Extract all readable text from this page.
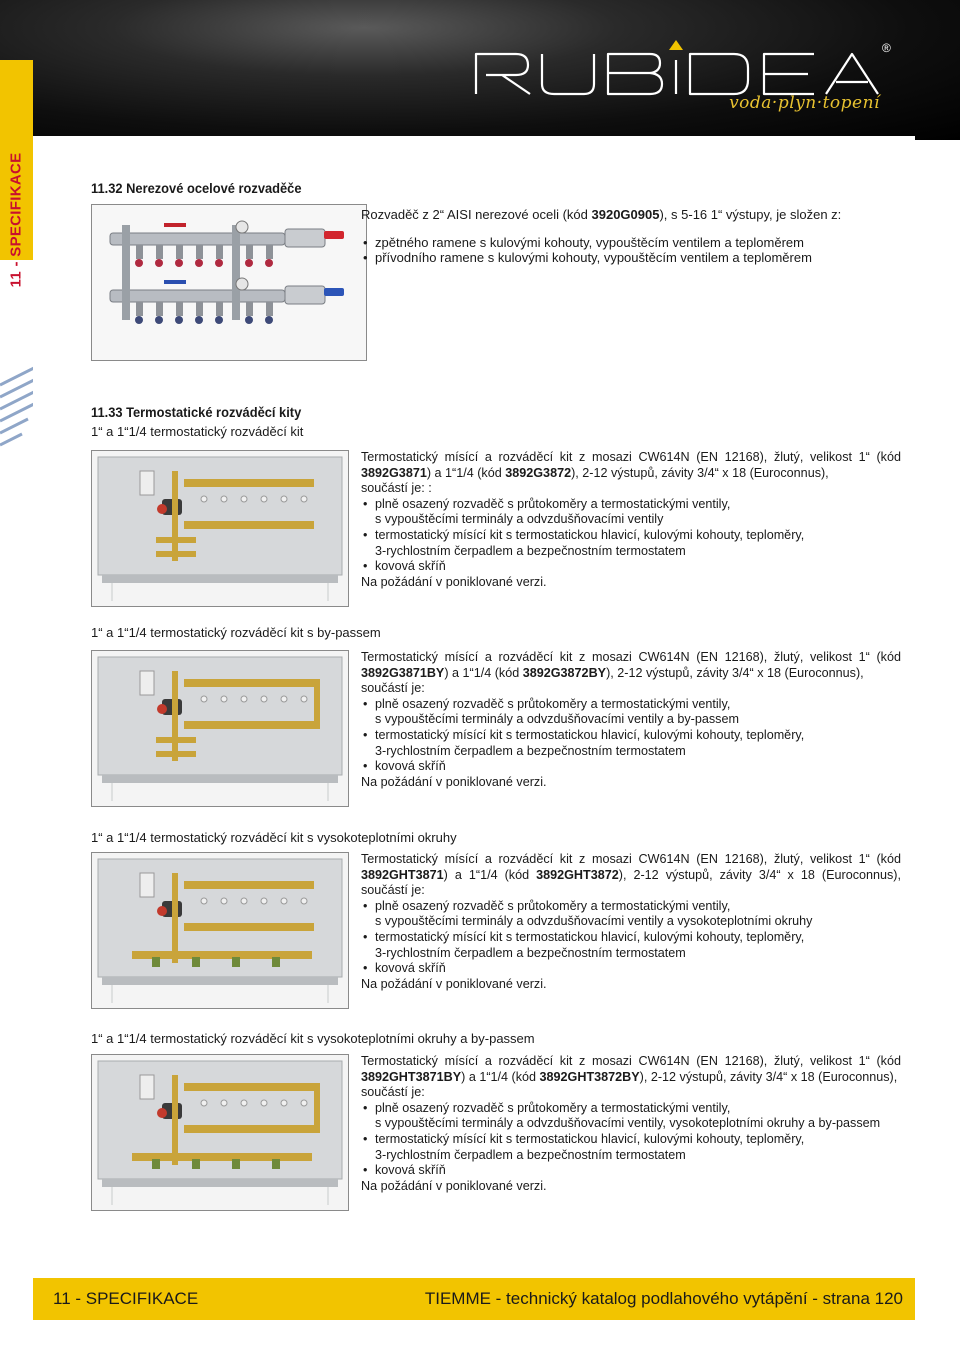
®
voda·plyn·topení
11 - SPECIFIKACE	11.32 Nerezové ocelové rozvaděče

Rozvaděč z 2“ AISI nerezové oceli (kód 3920G0905), s 5-16 1“ výstupy, je složen z:

• zpětného ramene s kulovými kohouty, vypouštěcím ventilem a teploměrem
• přívodního ramene s kulovými kohouty, vypouštěcím ventilem a teploměrem
11.33 Termostatické rozváděcí kity
1“ a 1“1/4 termostatický rozváděcí kit

Termostatický mísící a rozváděcí kit z mosazi CW614N (EN 12168), žlutý, velikost 1“ (kód 3892G3871) a 1“1/4 (kód 3892G3872), 2-12 výstupů, závity 3/4“ x 18 (Euroconnus),

součástí je: :

• plně osazený rozvaděč s průtokoměry a termostatickými ventily,
s vypouštěcími terminály a odvzdušňovacími ventily
• termostatický mísící kit s termostatickou hlavicí, kulovými kohouty, teploměry,
3-rychlostním čerpadlem a bezpečnostním termostatem
• kovová skříň

Na požádání v poniklované verzi.

1“ a 1“1/4 termostatický rozváděcí kit s by-passem

Termostatický mísící a rozváděcí kit z mosazi CW614N (EN 12168), žlutý, velikost 1“ (kód 3892G3871BY) a 1“1/4 (kód 3892G3872BY), 2-12 výstupů, závity 3/4“ x 18 (Euroconnus),

součástí je:

• plně osazený rozvaděč s průtokoměry a termostatickými ventily,
s vypouštěcími terminály a odvzdušňovacími ventily a by-passem
• termostatický mísící kit s termostatickou hlavicí, kulovými kohouty, teploměry,
3-rychlostním čerpadlem a bezpečnostním termostatem
• kovová skříň

Na požádání v poniklované verzi.

1“ a 1“1/4 termostatický rozváděcí kit s vysokoteplotními okruhy

Termostatický mísící a rozváděcí kit z mosazi CW614N (EN 12168), žlutý, velikost 1“ (kód 3892GHT3871) a 1“1/4 (kód 3892GHT3872), 2-12 výstupů, závity 3/4“ x 18 (Euroconnus), součástí je:

• plně osazený rozvaděč s průtokoměry a termostatickými ventily,
s vypouštěcími terminály a odvzdušňovacími ventily a vysokoteplotními okruhy
• termostatický mísící kit s termostatickou hlavicí, kulovými kohouty, teploměry,
3-rychlostním čerpadlem a bezpečnostním termostatem
• kovová skříň

Na požádání v poniklované verzi.

1“ a 1“1/4 termostatický rozváděcí kit s vysokoteplotními okruhy a by-passem

Termostatický mísící a rozváděcí kit z mosazi CW614N (EN 12168), žlutý, velikost 1“ (kód 3892GHT3871BY) a 1“1/4 (kód 3892GHT3872BY), 2-12 výstupů, závity 3/4“ x 18 (Euroconnus),

součástí je:

• plně osazený rozvaděč s průtokoměry a termostatickými ventily,
s vypouštěcími terminály a odvzdušňovacími ventily, vysokoteplotními okruhy a by-passem
• termostatický mísící kit s termostatickou hlavicí, kulovými kohouty, teploměry,
3-rychlostním čerpadlem a bezpečnostním termostatem
• kovová skříň

Na požádání v poniklované verzi.

11 - SPECIFIKACE	TIEMME - technický katalog podlahového vytápění - strana 120
